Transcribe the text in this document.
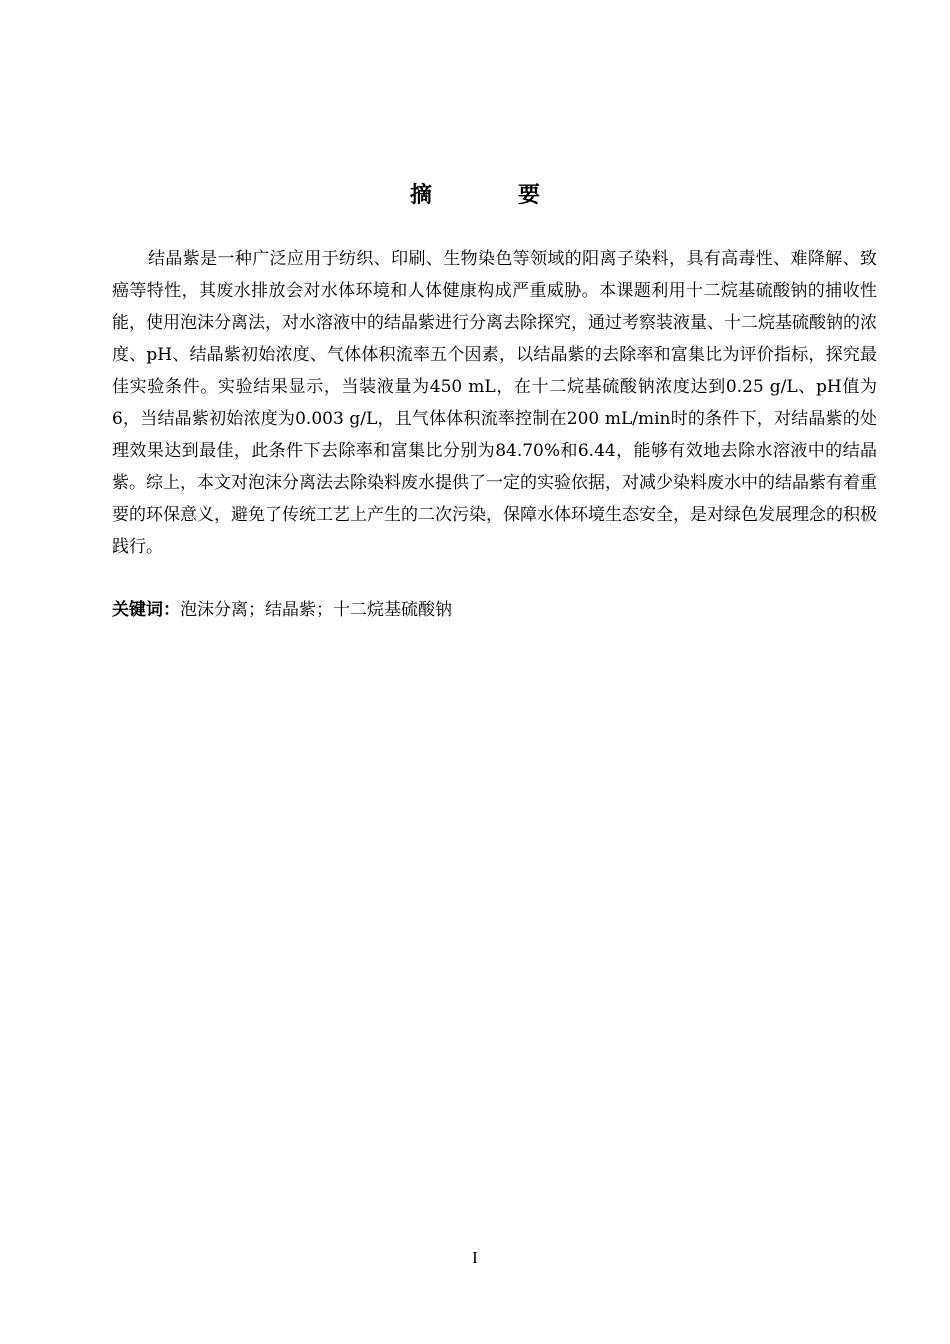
摘　要

结晶紫是一种广泛应用于纺织、印刷、生物染色等领域的阳离子染料，具有高毒性、难降解、致癌等特性，其废水排放会对水体环境和人体健康构成严重威胁。本课题利用十二烷基硫酸钠的捕收性能，使用泡沫分离法，对水溶液中的结晶紫进行分离去除探究，通过考察装液量、十二烷基硫酸钠的浓度、pH、结晶紫初始浓度、气体体积流率五个因素，以结晶紫的去除率和富集比为评价指标，探究最佳实验条件。实验结果显示，当装液量为450 mL，在十二烷基硫酸钠浓度达到0.25 g/L、pH值为6，当结晶紫初始浓度为0.003 g/L，且气体体积流率控制在200 mL/min时的条件下，对结晶紫的处理效果达到最佳，此条件下去除率和富集比分别为84.70%和6.44，能够有效地去除水溶液中的结晶紫。综上，本文对泡沫分离法去除染料废水提供了一定的实验依据，对减少染料废水中的结晶紫有着重要的环保意义，避免了传统工艺上产生的二次污染，保障水体环境生态安全，是对绿色发展理念的积极践行。

关键词：泡沫分离；结晶紫；十二烷基硫酸钠

I
